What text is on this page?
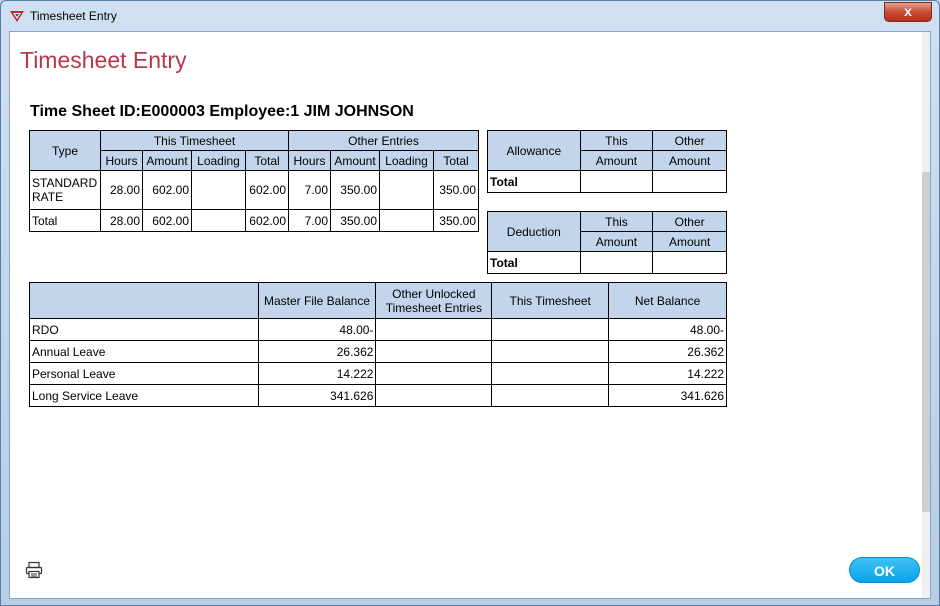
Timesheet Entry	x
Timesheet Entry
Time Sheet ID:E000003 Employee:1 JIM JOHNSON
Type	This Timesheet				Other Entries			
	Hours	Amount	Loading	Total	Hours	Amount	Loading	Total
STANDARD RATE	28.00	602.00		602.00	7.00	350.00		350.00
Total	28.00	602.00		602.00	7.00	350.00		350.00
Allowance	This	Other
	Amount	Amount
Total		
Deduction	This	Other
	Amount	Amount
Total		
	Master File Balance	Other Unlocked Timesheet Entries	This Timesheet	Net Balance
RDO	48.00-			48.00-
Annual Leave	26.362			26.362
Personal Leave	14.222			14.222
Long Service Leave	341.626			341.626
OK
